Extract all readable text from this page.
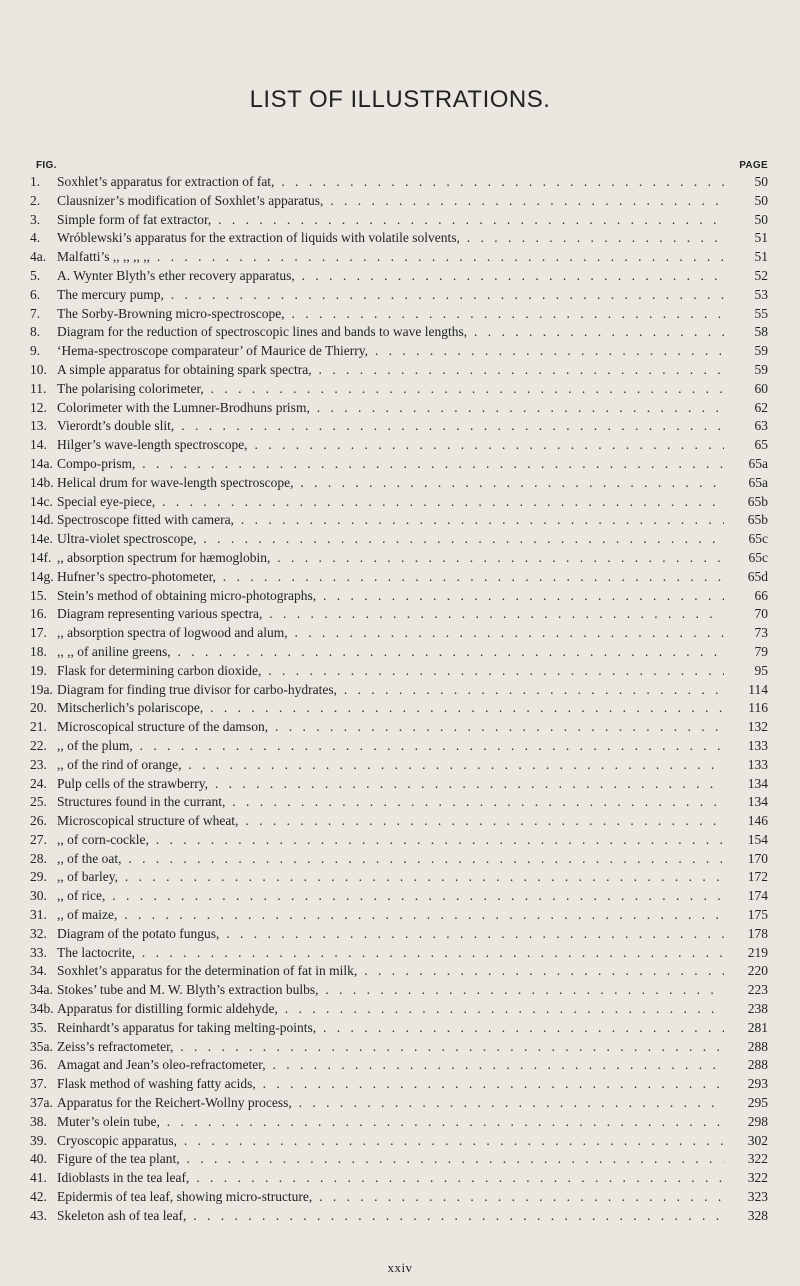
LIST OF ILLUSTRATIONS.
FIG.	PAGE
1.	Soxhlet’s apparatus for extraction of fat, . . .	50
2.	Clausnizer’s modification of Soxhlet’s apparatus, . . .	50
3.	Simple form of fat extractor, . . .	50
4.	Wróblewski’s apparatus for the extraction of liquids with volatile solvents, . . .	51
4a. Malfatti’s ,, ,, ,, ,, . . .	51
5.	A. Wynter Blyth’s ether recovery apparatus, . . .	52
6.	The mercury pump, . . .	53
7.	The Sorby-Browning micro-spectroscope, . . .	55
8.	Diagram for the reduction of spectroscopic lines and bands to wave lengths, . . .	58
9.	‘Hema-spectroscope comparateur’ of Maurice de Thierry, . . .	59
10. A simple apparatus for obtaining spark spectra, . . .	59
11. The polarising colorimeter, . . .	60
12. Colorimeter with the Lumner-Brodhuns prism, . . .	62
13. Vierordt’s double slit, . . .	63
14. Hilger’s wave-length spectroscope, . . .	65
14a. Compo-prism, . . .	65a
14b. Helical drum for wave-length spectroscope, . . .	65a
14c. Special eye-piece, . . .	65b
14d. Spectroscope fitted with camera, . . .	65b
14e. Ultra-violet spectroscope, . . .	65c
14f. ,, absorption spectrum for hæmoglobin, . . .	65c
14g. Hufner’s spectro-photometer, . . .	65d
15. Stein’s method of obtaining micro-photographs, . . .	66
16. Diagram representing various spectra, . . .	70
17. ,, absorption spectra of logwood and alum, . . .	73
18. ,, ,, of aniline greens, . . .	79
19. Flask for determining carbon dioxide, . . .	95
19a. Diagram for finding true divisor for carbo-hydrates, . . .	114
20. Mitscherlich’s polariscope, . . .	116
21. Microscopical structure of the damson, . . .	132
22. ,, of the plum, . . .	133
23. ,, of the rind of orange, . . .	133
24. Pulp cells of the strawberry, . . .	134
25. Structures found in the currant, . . .	134
26. Microscopical structure of wheat, . . .	146
27. ,, of corn-cockle, . . .	154
28. ,, of the oat, . . .	170
29. ,, of barley, . . .	172
30. ,, of rice, . . .	174
31. ,, of maize, . . .	175
32. Diagram of the potato fungus, . . .	178
33. The lactocrite, . . .	219
34. Soxhlet’s apparatus for the determination of fat in milk, . . .	220
34a. Stokes’ tube and M. W. Blyth’s extraction bulbs, . . .	223
34b. Apparatus for distilling formic aldehyde, . . .	238
35. Reinhardt’s apparatus for taking melting-points, . . .	281
35a. Zeiss’s refractometer, . . .	288
36. Amagat and Jean’s oleo-refractometer, . . .	288
37. Flask method of washing fatty acids, . . .	293
37a. Apparatus for the Reichert-Wollny process, . . .	295
38. Muter’s olein tube, . . .	298
39. Cryoscopic apparatus, . . .	302
40. Figure of the tea plant, . . .	322
41. Idioblasts in the tea leaf, . . .	322
42. Epidermis of tea leaf, showing micro-structure, . . .	323
43. Skeleton ash of tea leaf, . . .	328
xxiv
